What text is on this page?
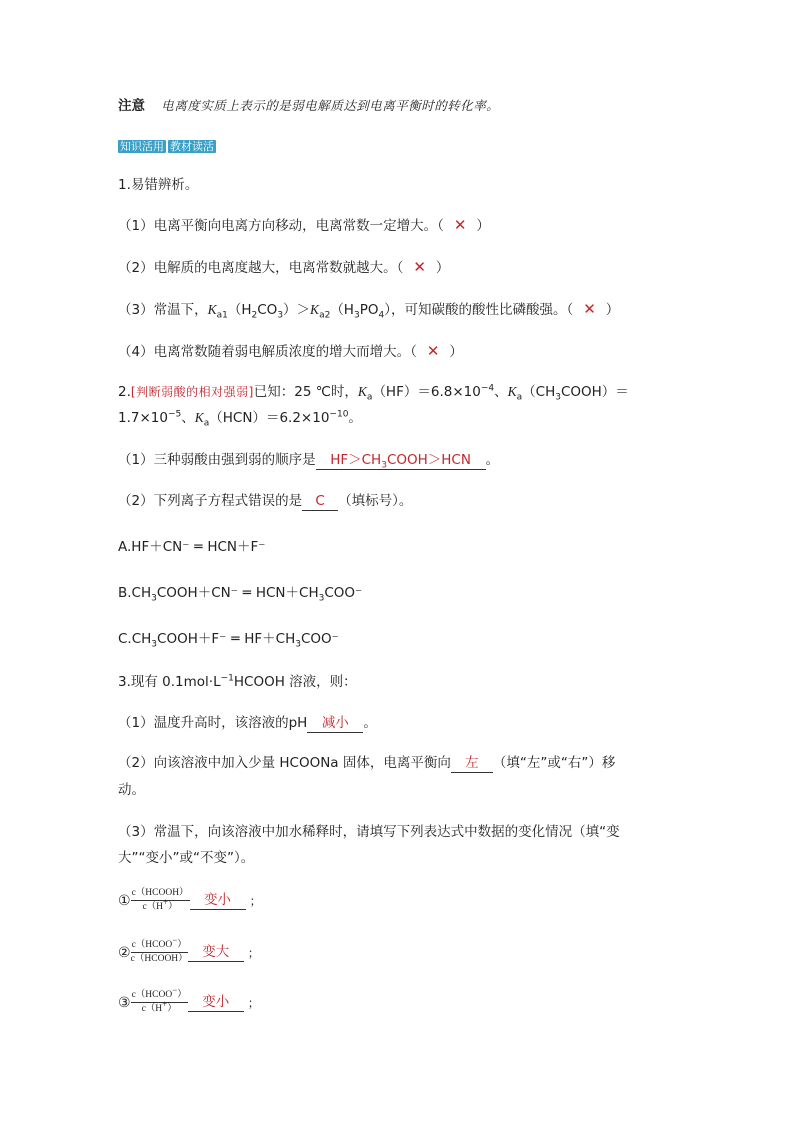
注意 电离度实质上表示的是弱电解质达到电离平衡时的转化率。
知识活用 教材读活
1.易错辨析。
（1）电离平衡向电离方向移动，电离常数一定增大。（ ✕ ）
（2）电解质的电离度越大，电离常数就越大。（ ✕ ）
（3）常温下，$K_{a1}(H_2CO_3)>K_{a2}(H_3PO_4)$，可知碳酸的酸性比磷酸强。（ ✕ ）
（4）电离常数随着弱电解质浓度的增大而增大。（ ✕ ）
2.[判断弱酸的相对强弱]已知：25 ℃时，$K_a(HF)=6.8\times 10^{-4}$、$K_a(CH_3COOH)=$
$1.7\times 10^{-5}$、$K_a(HCN)=6.2\times 10^{-10}$。
（1）三种弱酸由强到弱的顺序是 $HF>CH_3COOH>HCN$ 。
（2）下列离子方程式错误的是 C （填标号）。
A.HF＋CN⁻ ═ HCN＋F⁻
$B.CH_3COOH+CN^-$ ═ $HCN+CH_3COO^-$
$C.CH_3COOH+F^-$ ═ $HF+CH_3COO^-$
3.现有 $0.1mol\cdot L^{-1}HCOOH$ 溶液，则：
（1）温度升高时，该溶液的pH 减小 。
（2）向该溶液中加入少量 HCOONa 固体，电离平衡向 左 （填“左”或“右”）移
动。
（3）常温下，向该溶液中加水稀释时，请填写下列表达式中数据的变化情况（填“变
大”“变小”或“不变”）。
① $\frac{\text{c（HCOOH）}}{c(H^+)}$ 变小 ；
② $\frac{c(HCOO^-)}{\text{c（HCOOH）}}$ 变大 ；
③ $\frac{c(HCOO^-)}{c(H^+)}$ 变小 ；
